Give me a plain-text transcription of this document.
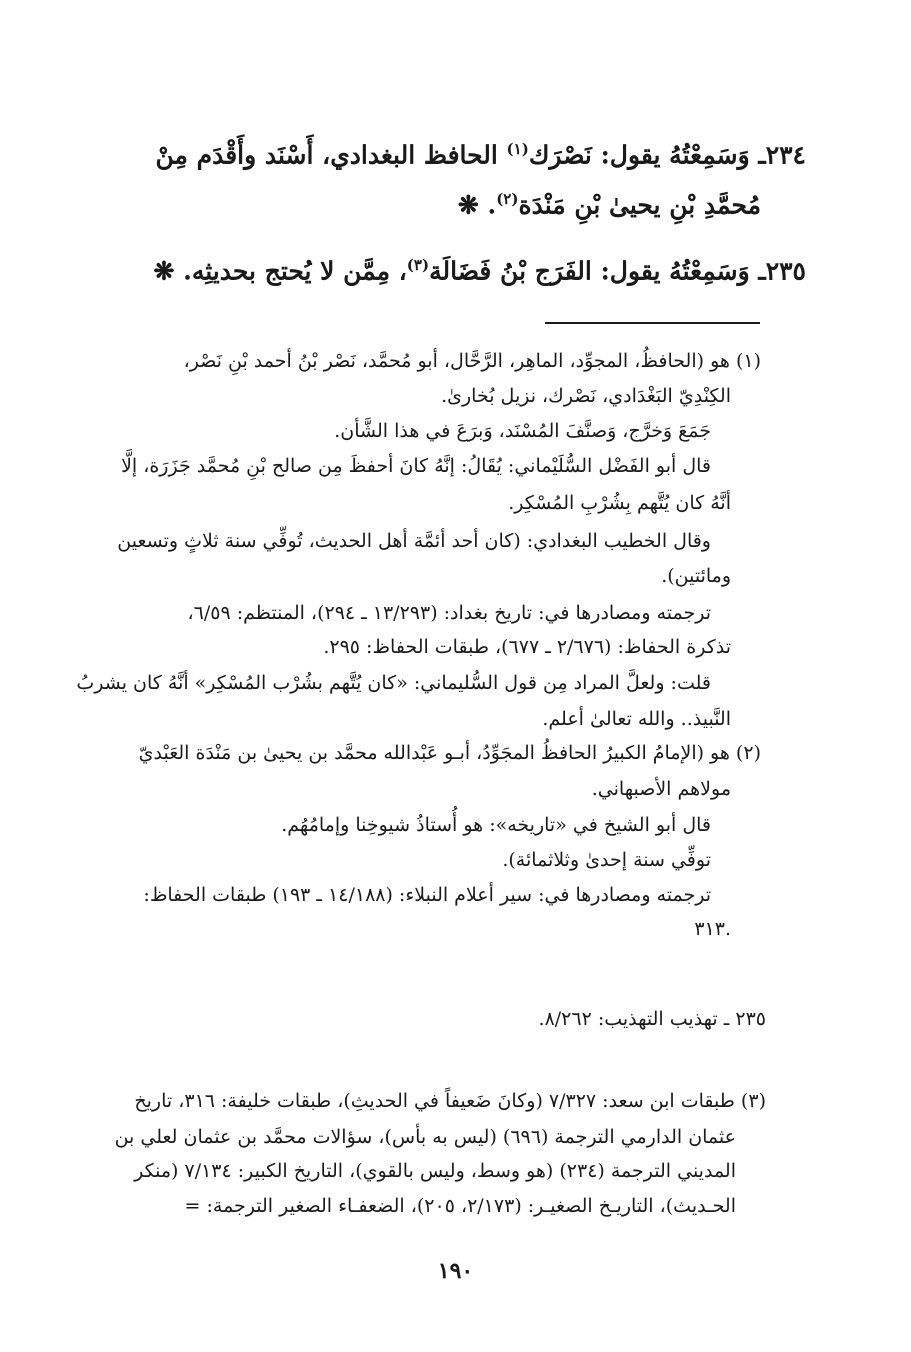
٢٣٤ـ وَسَمِعْتُهُ يقول: نَصْرَك$^{(١)}$ الحافظ البغدادي، أَسْنَد وأَقْدَم مِنْ
مُحمَّدِ بْنِ يحيىٰ بْنِ مَنْدَة$^{(٢)}$. ❋
٢٣٥ـ وَسَمِعْتُهُ يقول: الفَرَج بْنُ فَضَالَة$^{(٣)}$، مِمَّن لا يُحتج بحديثِه. ❋
(١) هو (الحافظُ، المجوِّد، الماهِر، الرَّحَّال، أبو مُحمَّد، نَصْر بْنُ أحمد بْنِ نَصْر،
الكِنْدِيّ البَغْدَادي، نَصْرك، نزيل بُخارىٰ.
جَمَعَ وَخرَّج، وَصنَّفَ المُسْنَد، وَبرَعَ في هذا الشَّأن.
قال أبو الفَضْل السُّلَيْماني: يُقَالُ: إنَّهُ كانَ أحفظَ مِن صالح بْنِ مُحمَّد جَزَرَة، إلَّا
أنَّهُ كان يُتَّهم بِشُرْبِ المُسْكِر.
وقال الخطيب البغدادي: (كان أحد أئمَّة أهل الحديث، تُوفِّي سنة ثلاثٍ وتسعين
ومائتين).
ترجمته ومصادرها في: تاريخ بغداد: (١٣/٢٩٣ ـ ٢٩٤)، المنتظم: ٦/٥٩،
تذكرة الحفاظ: (٢/٦٧٦ ـ ٦٧٧)، طبقات الحفاظ: ٢٩٥.
قلت: ولعلَّ المراد مِن قول السُّليماني: «كان يُتَّهم بشُرْب المُسْكِر» أنَّهُ كان يشربُ
النَّبيذ.. والله تعالىٰ أعلم.
(٢) هو (الإمامُ الكبيرُ الحافظُ المجَوِّدُ، أبـو عَبْدالله محمَّد بن يحيىٰ بن مَنْدَة العَبْديّ
مولاهم الأصبهاني.
قال أبو الشيخ في «تاريخه»: هو أُستاذُ شيوخِنا وإمامُهُم.
توفِّي سنة إحدىٰ وثلاثمائة).
ترجمته ومصادرها في: سير أعلام النبلاء: (١٤/١٨٨ ـ ١٩٣) طبقات الحفاظ:
٣١٣.
٢٣٥ ـ تهذيب التهذيب: ٨/٢٦٢.
(٣) طبقات ابن سعد: ٧/٣٢٧ (وكانَ ضَعيفاً في الحديثِ)، طبقات خليفة: ٣١٦، تاريخ
عثمان الدارمي الترجمة (٦٩٦) (ليس به بأس)، سؤالات محمَّد بن عثمان لعلي بن
المديني الترجمة (٢٣٤) (هو وسط، وليس بالقوي)، التاريخ الكبير: ٧/١٣٤ (منكر
الحـديث)، التاريـخ الصغيـر: (٢/١٧٣، ٢٠٥)، الضعفـاء الصغير الترجمة: =
١٩٠
